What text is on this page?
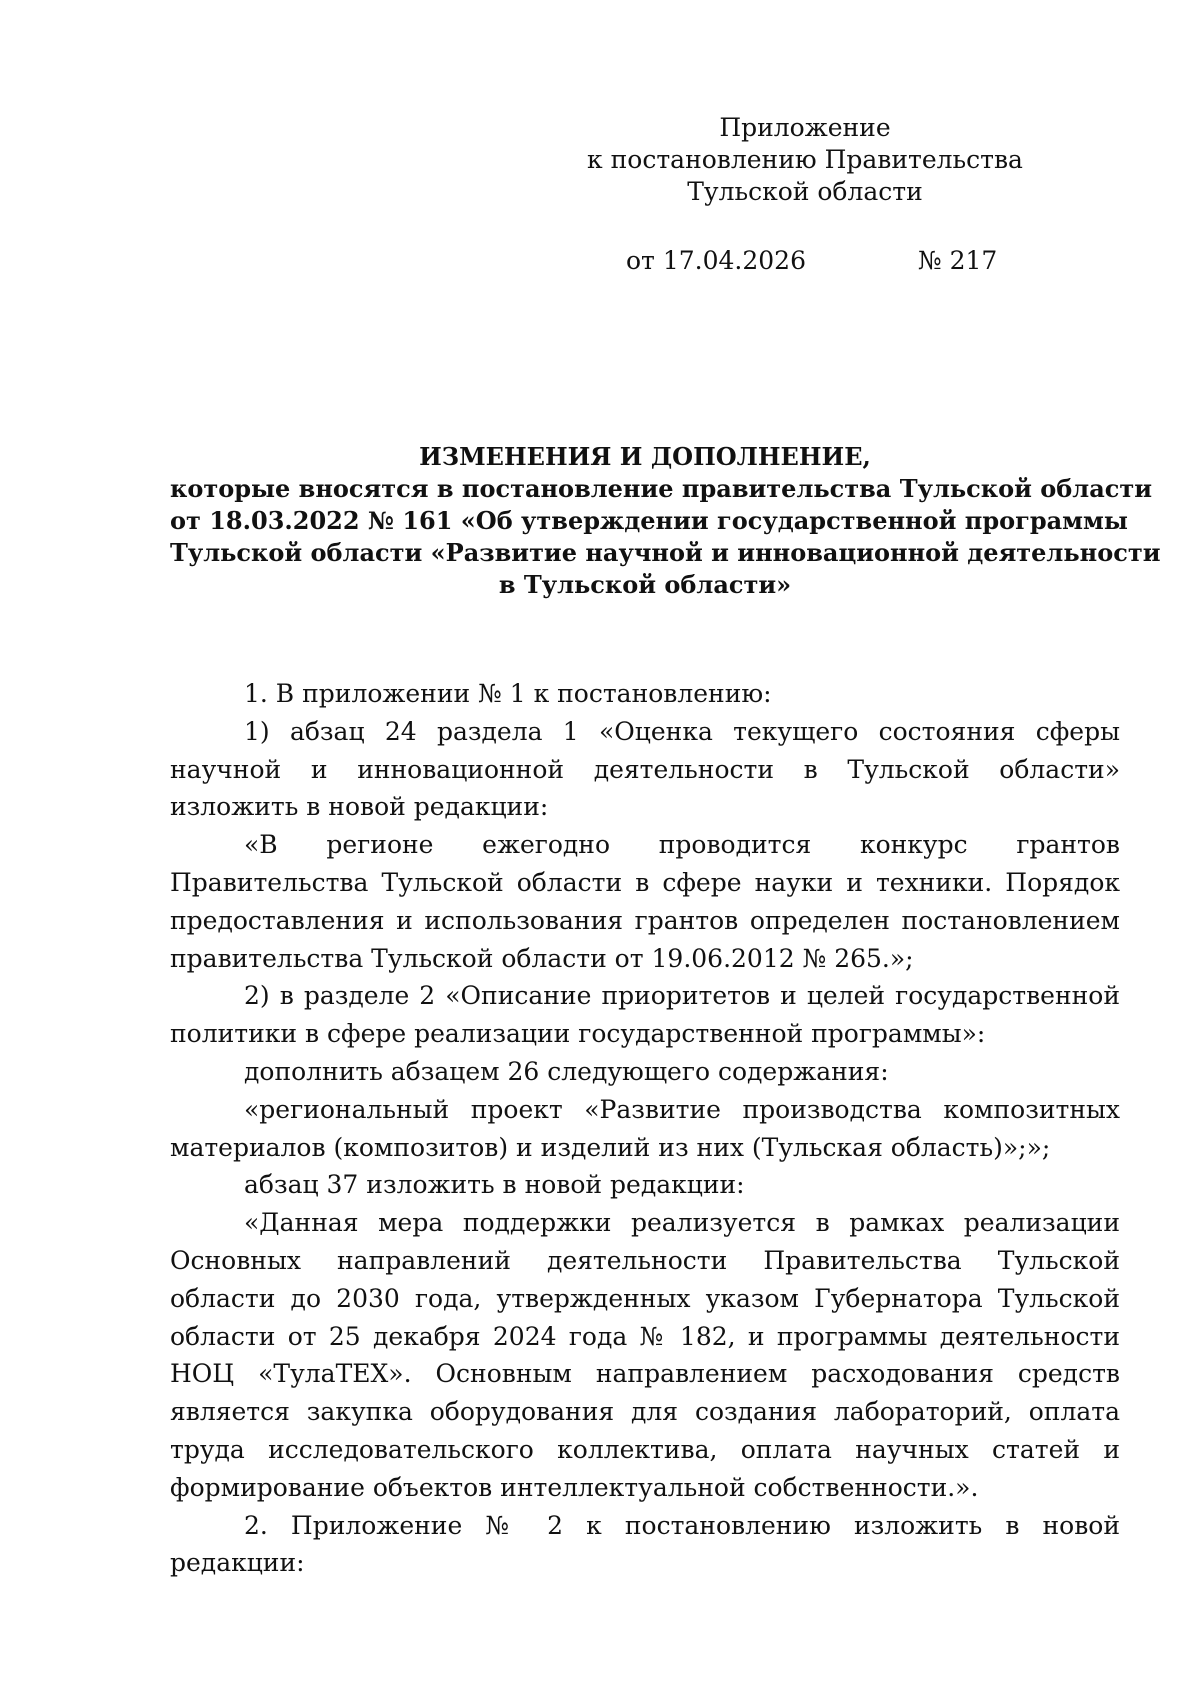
Приложение
к постановлению Правительства
Тульской области
от 17.04.2026	№ 217
ИЗМЕНЕНИЯ И ДОПОЛНЕНИЕ,
которые вносятся в постановление правительства Тульской области
от 18.03.2022 № 161 «Об утверждении государственной программы
Тульской области «Развитие научной и инновационной деятельности
в Тульской области»

1. В приложении № 1 к постановлению:

1) абзац 24 раздела 1 «Оценка текущего состояния сферы научной и инновационной деятельности в Тульской области» изложить в новой редакции:

«В регионе ежегодно проводится конкурс грантов Правительства Тульской области в сфере науки и техники. Порядок предоставления и использования грантов определен постановлением правительства Тульской области от 19.06.2012 № 265.»;

2) в разделе 2 «Описание приоритетов и целей государственной политики в сфере реализации государственной программы»:

дополнить абзацем 26 следующего содержания:

«региональный проект «Развитие производства композитных материалов (композитов) и изделий из них (Тульская область)»;»;

абзац 37 изложить в новой редакции:

«Данная мера поддержки реализуется в рамках реализации Основных направлений деятельности Правительства Тульской области до 2030 года, утвержденных указом Губернатора Тульской области от 25 декабря 2024 года № 182, и программы деятельности НОЦ «ТулаТЕХ». Основным направлением расходования средств является закупка оборудования для создания лабораторий, оплата труда исследовательского коллектива, оплата научных статей и формирование объектов интеллектуальной собственности.».

2. Приложение № 2 к постановлению изложить в новой редакции:
